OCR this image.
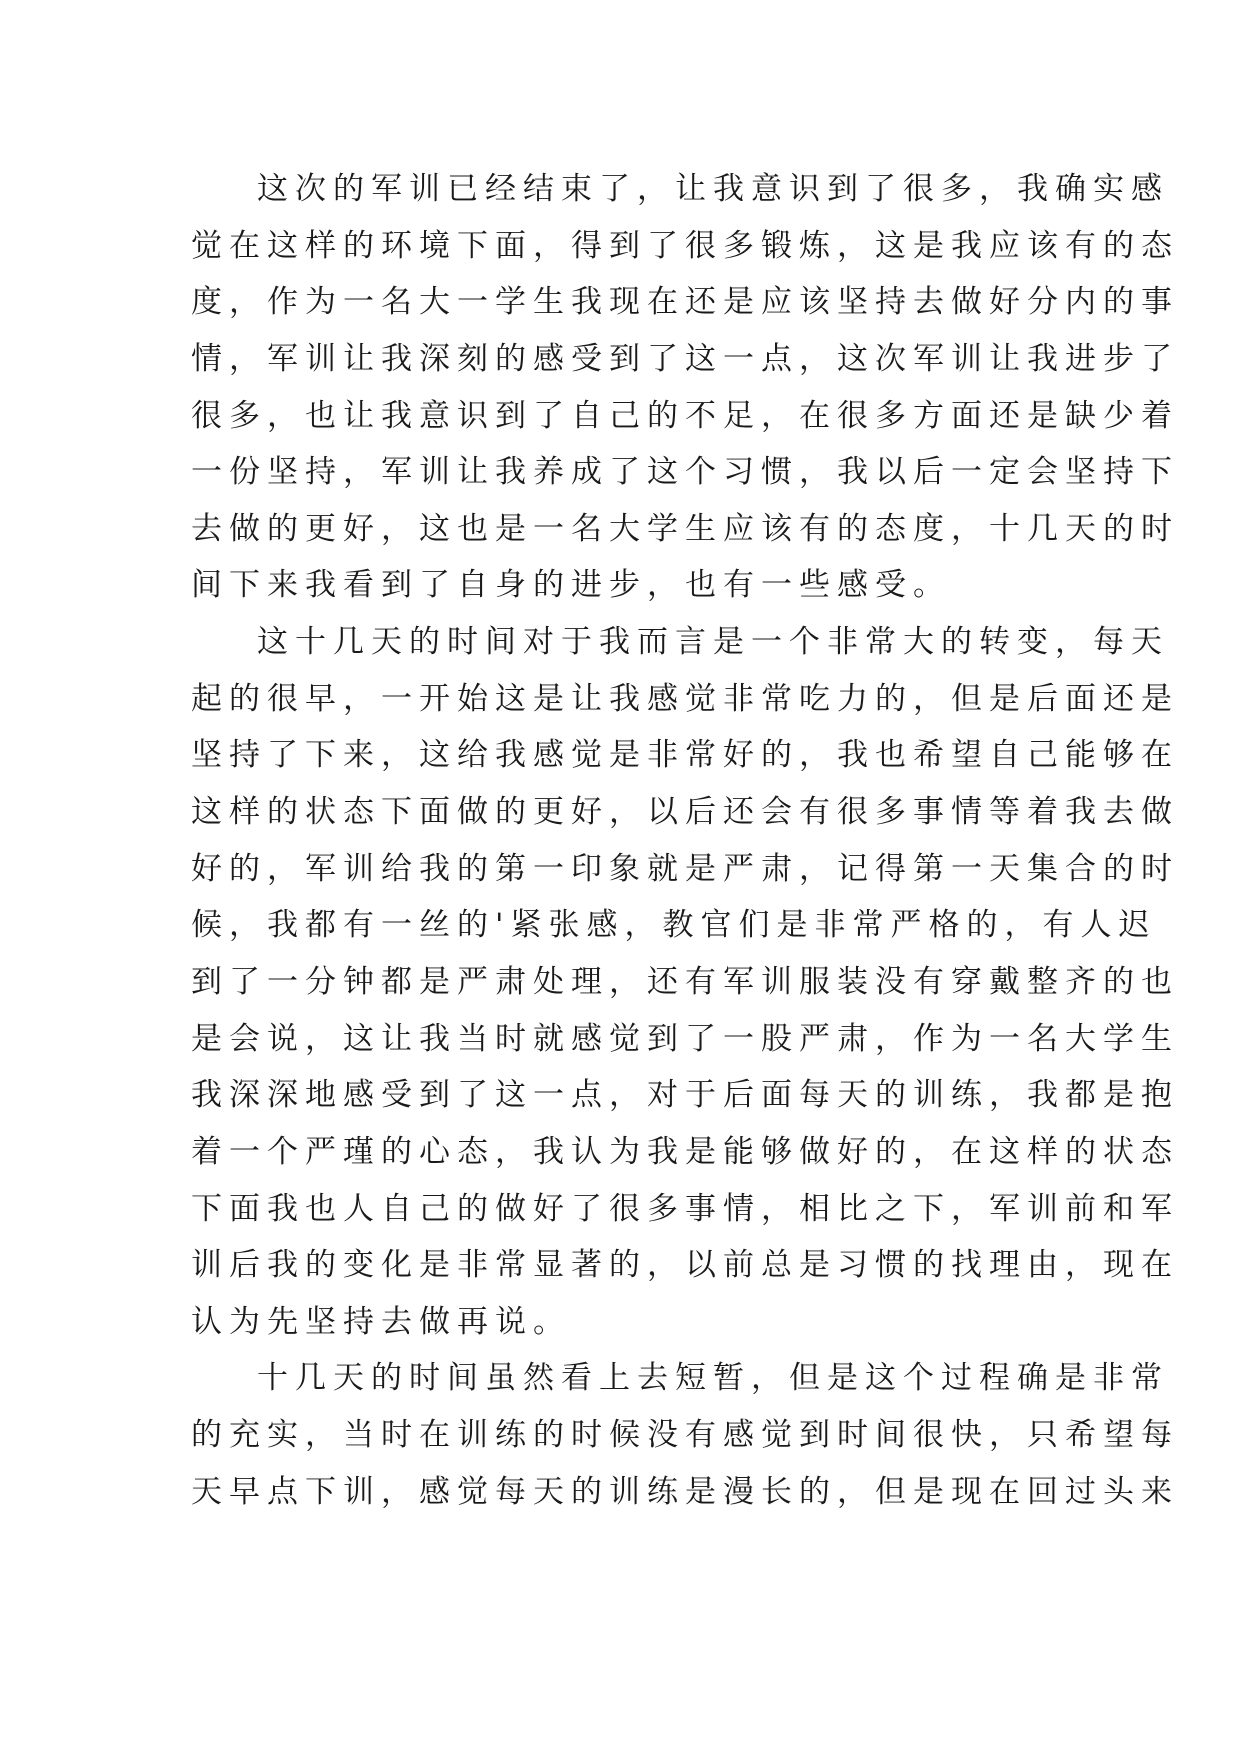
这次的军训已经结束了，让我意识到了很多，我确实感
觉在这样的环境下面，得到了很多锻炼，这是我应该有的态
度，作为一名大一学生我现在还是应该坚持去做好分内的事
情，军训让我深刻的感受到了这一点，这次军训让我进步了
很多，也让我意识到了自己的不足，在很多方面还是缺少着
一份坚持，军训让我养成了这个习惯，我以后一定会坚持下
去做的更好，这也是一名大学生应该有的态度，十几天的时
间下来我看到了自身的进步，也有一些感受。
这十几天的时间对于我而言是一个非常大的转变，每天
起的很早，一开始这是让我感觉非常吃力的，但是后面还是
坚持了下来，这给我感觉是非常好的，我也希望自己能够在
这样的状态下面做的更好，以后还会有很多事情等着我去做
好的，军训给我的第一印象就是严肃，记得第一天集合的时
候，我都有一丝的'紧张感，教官们是非常严格的，有人迟
到了一分钟都是严肃处理，还有军训服装没有穿戴整齐的也
是会说，这让我当时就感觉到了一股严肃，作为一名大学生
我深深地感受到了这一点，对于后面每天的训练，我都是抱
着一个严瑾的心态，我认为我是能够做好的，在这样的状态
下面我也人自己的做好了很多事情，相比之下，军训前和军
训后我的变化是非常显著的，以前总是习惯的找理由，现在
认为先坚持去做再说。
十几天的时间虽然看上去短暂，但是这个过程确是非常
的充实，当时在训练的时候没有感觉到时间很快，只希望每
天早点下训，感觉每天的训练是漫长的，但是现在回过头来
